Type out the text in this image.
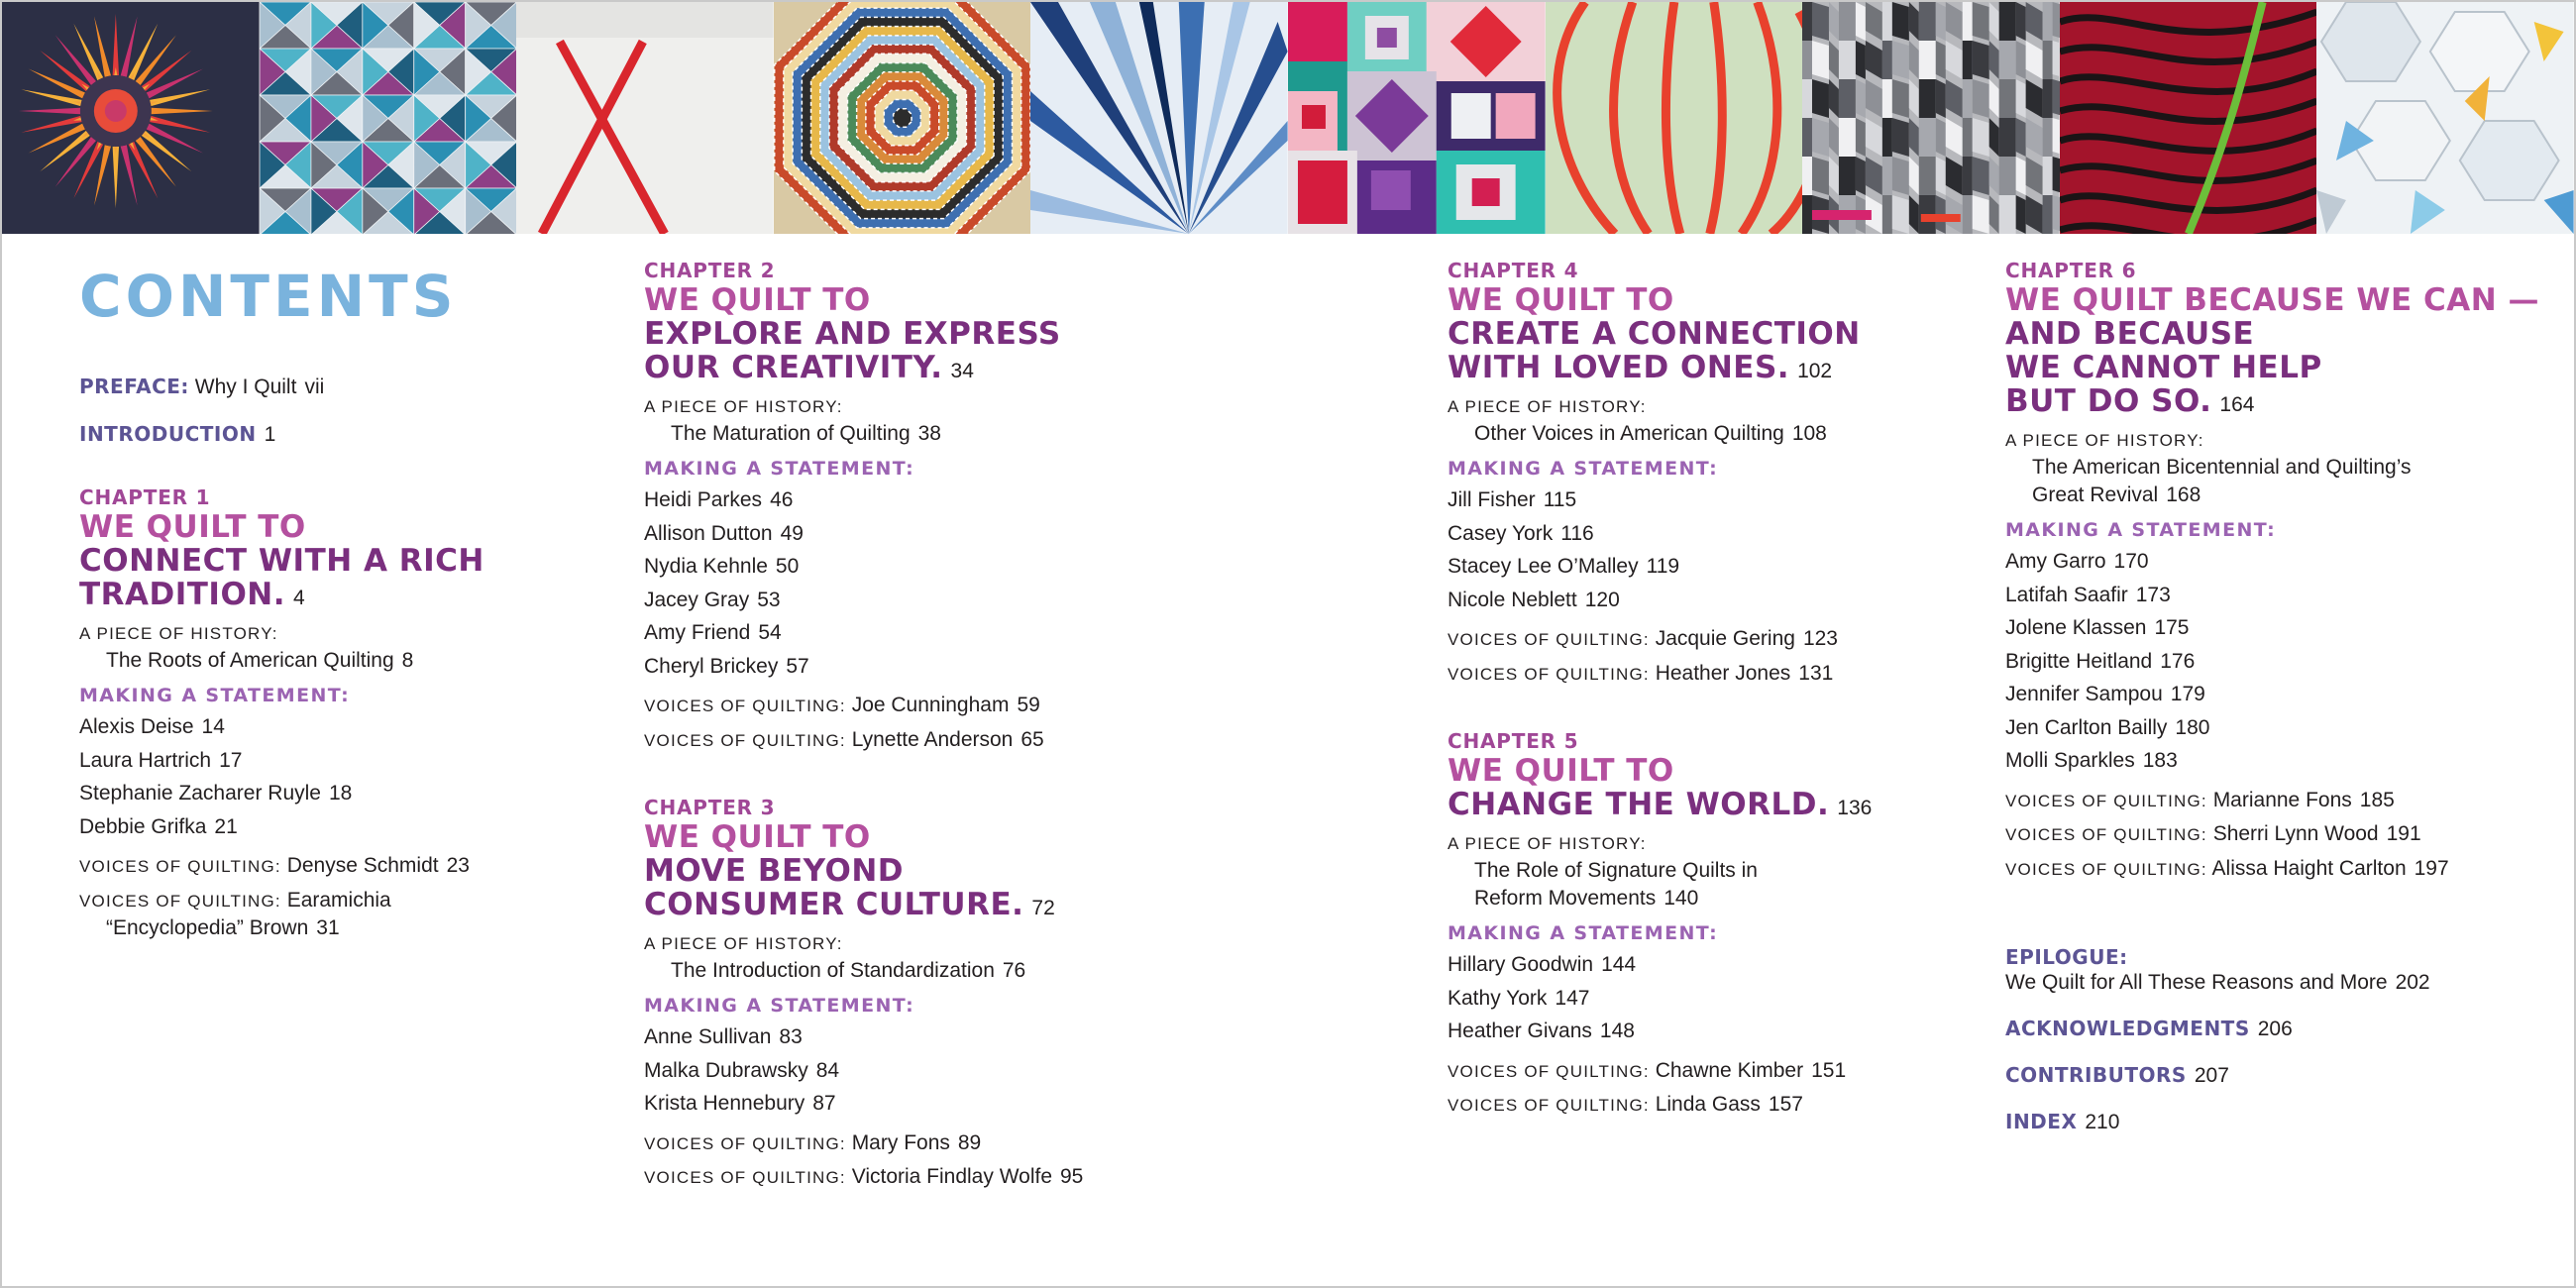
CONTENTS
PREFACE: Why I Quilt vii
INTRODUCTION 1
CHAPTER 1
WE QUILT TO
CONNECT WITH A RICH
TRADITION. 4
A PIECE OF HISTORY:
The Roots of American Quilting 8
MAKING A STATEMENT:
Alexis Deise 14
Laura Hartrich 17
Stephanie Zacharer Ruyle 18
Debbie Grifka 21
VOICES OF QUILTING: Denyse Schmidt 23
VOICES OF QUILTING: Earamichia
“Encyclopedia” Brown 31
CHAPTER 2
WE QUILT TO
EXPLORE AND EXPRESS
OUR CREATIVITY. 34
A PIECE OF HISTORY:
The Maturation of Quilting 38
MAKING A STATEMENT:
Heidi Parkes 46
Allison Dutton 49
Nydia Kehnle 50
Jacey Gray 53
Amy Friend 54
Cheryl Brickey 57
VOICES OF QUILTING: Joe Cunningham 59
VOICES OF QUILTING: Lynette Anderson 65
CHAPTER 3
WE QUILT TO
MOVE BEYOND
CONSUMER CULTURE. 72
A PIECE OF HISTORY:
The Introduction of Standardization 76
MAKING A STATEMENT:
Anne Sullivan 83
Malka Dubrawsky 84
Krista Hennebury 87
VOICES OF QUILTING: Mary Fons 89
VOICES OF QUILTING: Victoria Findlay Wolfe 95
CHAPTER 4
WE QUILT TO
CREATE A CONNECTION
WITH LOVED ONES. 102
A PIECE OF HISTORY:
Other Voices in American Quilting 108
MAKING A STATEMENT:
Jill Fisher 115
Casey York 116
Stacey Lee O’Malley 119
Nicole Neblett 120
VOICES OF QUILTING: Jacquie Gering 123
VOICES OF QUILTING: Heather Jones 131
CHAPTER 5
WE QUILT TO
CHANGE THE WORLD. 136
A PIECE OF HISTORY:
The Role of Signature Quilts in
Reform Movements 140
MAKING A STATEMENT:
Hillary Goodwin 144
Kathy York 147
Heather Givans 148
VOICES OF QUILTING: Chawne Kimber 151
VOICES OF QUILTING: Linda Gass 157
CHAPTER 6
WE QUILT BECAUSE WE CAN —
AND BECAUSE
WE CANNOT HELP
BUT DO SO. 164
A PIECE OF HISTORY:
The American Bicentennial and Quilting’s
Great Revival 168
MAKING A STATEMENT:
Amy Garro 170
Latifah Saafir 173
Jolene Klassen 175
Brigitte Heitland 176
Jennifer Sampou 179
Jen Carlton Bailly 180
Molli Sparkles 183
VOICES OF QUILTING: Marianne Fons 185
VOICES OF QUILTING: Sherri Lynn Wood 191
VOICES OF QUILTING: Alissa Haight Carlton 197
EPILOGUE:
We Quilt for All These Reasons and More 202
ACKNOWLEDGMENTS 206
CONTRIBUTORS 207
INDEX 210
